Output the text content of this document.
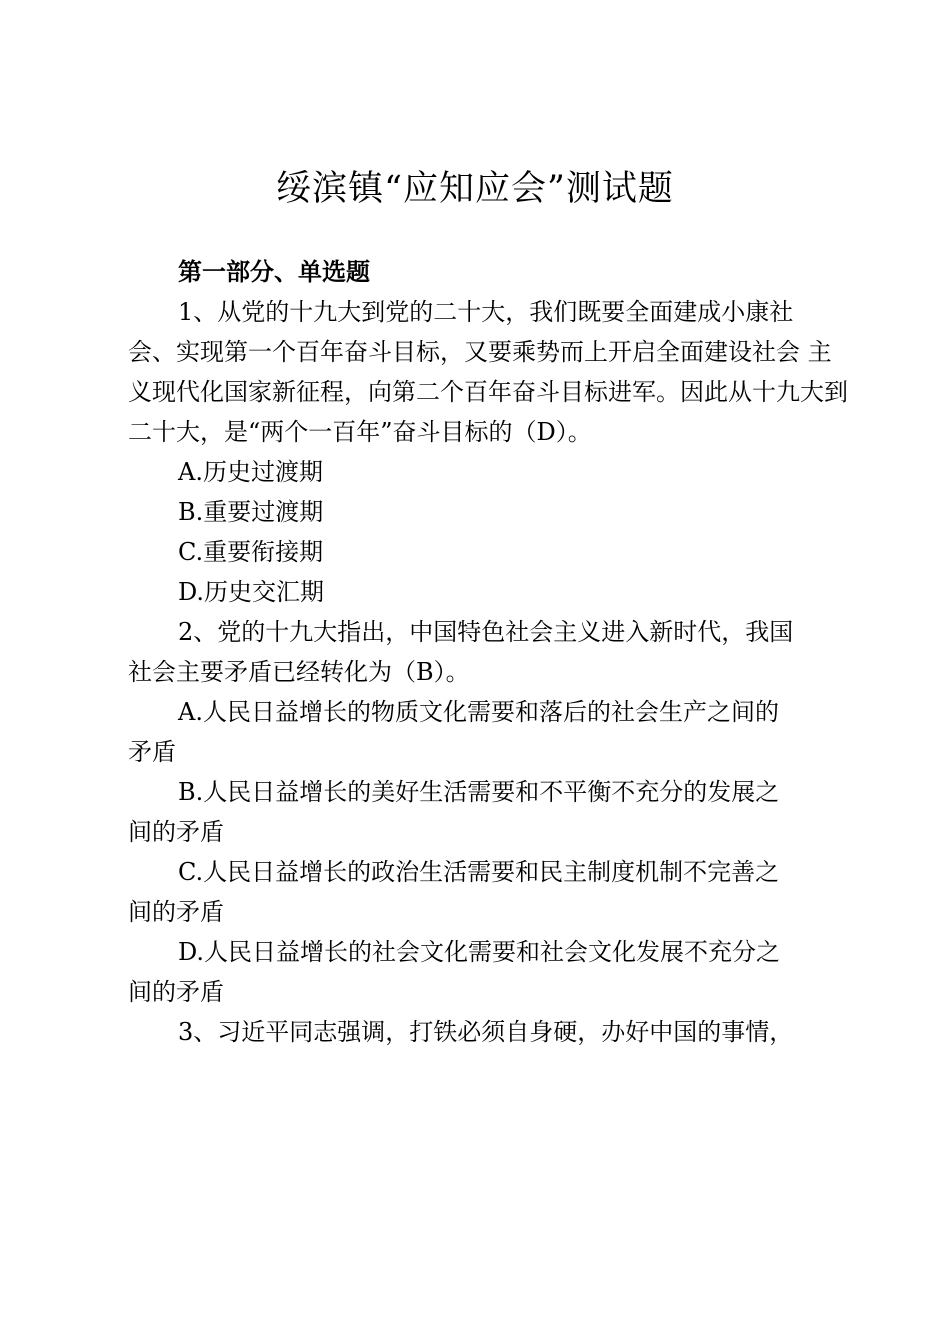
绥滨镇“应知应会”测试题
第一部分、单选题
1、从党的十九大到党的二十大，我们既要全面建成小康社
会、实现第一个百年奋斗目标，又要乘势而上开启全面建设社会 主
义现代化国家新征程，向第二个百年奋斗目标进军。因此从十九大到
二十大，是“两个一百年”奋斗目标的（D）。
A.历史过渡期
B.重要过渡期
C.重要衔接期
D.历史交汇期
2、党的十九大指出，中国特色社会主义进入新时代，我国
社会主要矛盾已经转化为（B）。
A.人民日益增长的物质文化需要和落后的社会生产之间的
矛盾
B.人民日益增长的美好生活需要和不平衡不充分的发展之
间的矛盾
C.人民日益增长的政治生活需要和民主制度机制不完善之
间的矛盾
D.人民日益增长的社会文化需要和社会文化发展不充分之
间的矛盾
3、习近平同志强调，打铁必须自身硬，办好中国的事情，
